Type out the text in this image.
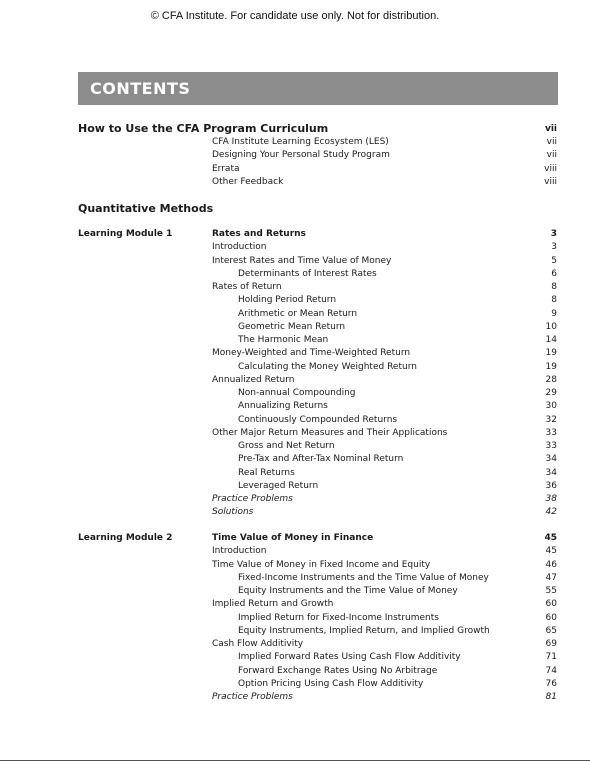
© CFA Institute. For candidate use only. Not for distribution.
CONTENTS
How to Use the CFA Program Curriculum	vii
CFA Institute Learning Ecosystem (LES)	vii
Designing Your Personal Study Program	vii
Errata	viii
Other Feedback	viii
Quantitative Methods
Learning Module 1	Rates and Returns	3
Introduction	3
Interest Rates and Time Value of Money	5
Determinants of Interest Rates	6
Rates of Return	8
Holding Period Return	8
Arithmetic or Mean Return	9
Geometric Mean Return	10
The Harmonic Mean	14
Money-Weighted and Time-Weighted Return	19
Calculating the Money Weighted Return	19
Annualized Return	28
Non-annual Compounding	29
Annualizing Returns	30
Continuously Compounded Returns	32
Other Major Return Measures and Their Applications	33
Gross and Net Return	33
Pre-Tax and After-Tax Nominal Return	34
Real Returns	34
Leveraged Return	36
Practice Problems	38
Solutions	42
Learning Module 2	Time Value of Money in Finance	45
Introduction	45
Time Value of Money in Fixed Income and Equity	46
Fixed-Income Instruments and the Time Value of Money	47
Equity Instruments and the Time Value of Money	55
Implied Return and Growth	60
Implied Return for Fixed-Income Instruments	60
Equity Instruments, Implied Return, and Implied Growth	65
Cash Flow Additivity	69
Implied Forward Rates Using Cash Flow Additivity	71
Forward Exchange Rates Using No Arbitrage	74
Option Pricing Using Cash Flow Additivity	76
Practice Problems	81
